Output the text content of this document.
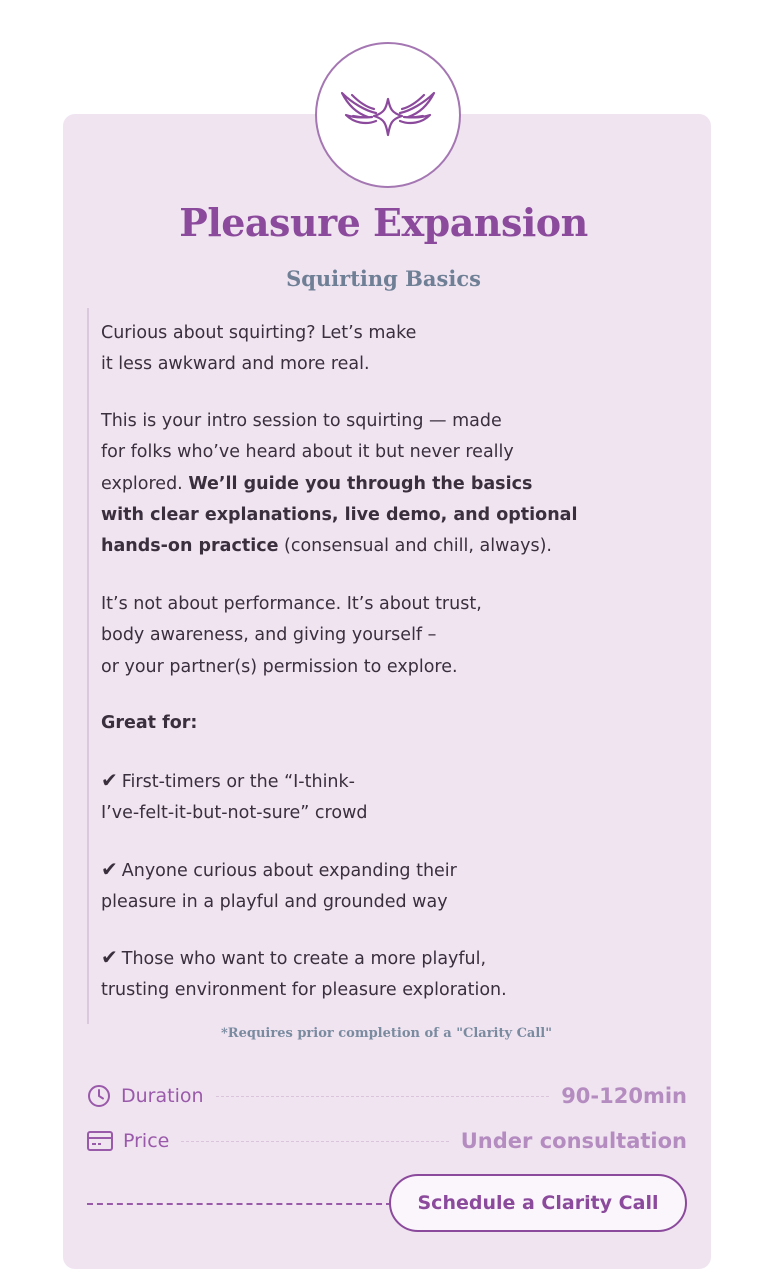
Pleasure Expansion
Squirting Basics

Curious about squirting? Let’s make
it less awkward and more real.

This is your intro session to squirting — made
for folks who’ve heard about it but never really
explored. We’ll guide you through the basics
with clear explanations, live demo, and optional
hands-on practice (consensual and chill, always).

It’s not about performance. It’s about trust,
body awareness, and giving yourself –
or your partner(s) permission to explore.

Great for:

✔ First-timers or the “I-think-
I’ve-felt-it-but-not-sure” crowd

✔ Anyone curious about expanding their
pleasure in a playful and grounded way

✔ Those who want to create a more playful,
trusting environment for pleasure exploration.

*Requires prior completion of a "Clarity Call"
Duration	90-120min
Price	Under consultation
Schedule a Clarity Call
